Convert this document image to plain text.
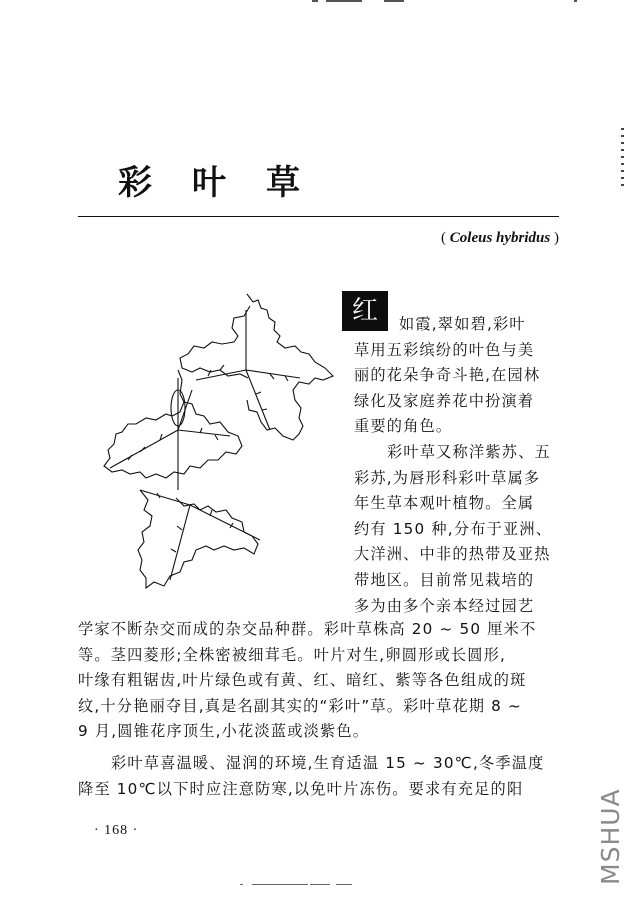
彩叶草
( Coleus hybridus )
红	如霞,翠如碧,彩叶
草用五彩缤纷的叶色与美
丽的花朵争奇斗艳,在园林
绿化及家庭养花中扮演着
重要的角色。
彩叶草又称洋紫苏、五
彩苏,为唇形科彩叶草属多
年生草本观叶植物。全属
约有 150 种,分布于亚洲、
大洋洲、中非的热带及亚热
带地区。目前常见栽培的
多为由多个亲本经过园艺
学家不断杂交而成的杂交品种群。彩叶草株高 20 ~ 50 厘米不
等。茎四菱形;全株密被细茸毛。叶片对生,卵圆形或长圆形,
叶缘有粗锯齿,叶片绿色或有黄、红、暗红、紫等各色组成的斑
纹,十分艳丽夺目,真是名副其实的“彩叶”草。彩叶草花期 8 ~
9 月,圆锥花序顶生,小花淡蓝或淡紫色。
彩叶草喜温暖、湿润的环境,生育适温 15 ~ 30℃,冬季温度
降至 10℃以下时应注意防寒,以免叶片冻伤。要求有充足的阳
· 168 ·	MSHUA
